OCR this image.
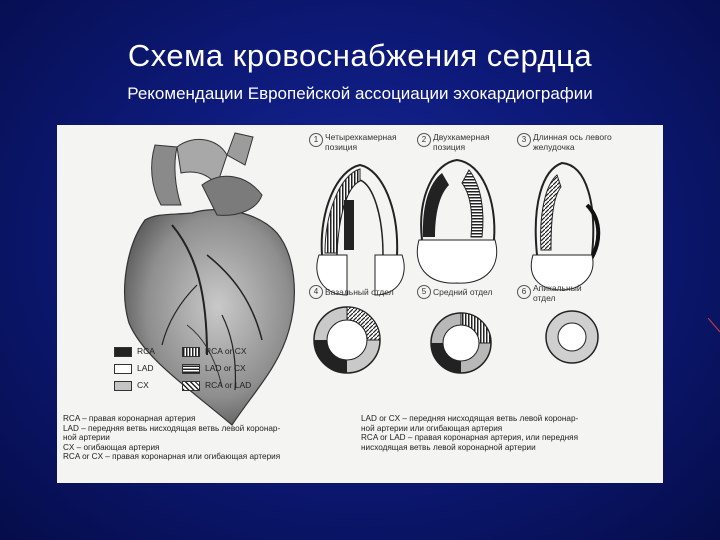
Схема кровоснабжения сердца
Рекомендации Европейской ассоциации эхокардиографии
1 Четырехкамерная позиция
2 Двухкамерная позиция
3 Длинная ось левого желудочка
4 Базальный отдел	5 Средний отдел	6 Апикальный отдел
RCA	RCA or CX
LAD	LAD or CX
CX	RCA or LAD
RCA – правая коронарная артерия
LAD – передняя ветвь нисходящая ветвь левой коронар-
ной артерии
CX – огибающая артерия
RCA or CX – правая коронарная или огибающая артерия
LAD or CX – передняя нисходящая ветвь левой коронар-
ной артерии или огибающая артерия
RCA or LAD – правая коронарная артерия, или передняя
нисходящая ветвь левой коронарной артерии
